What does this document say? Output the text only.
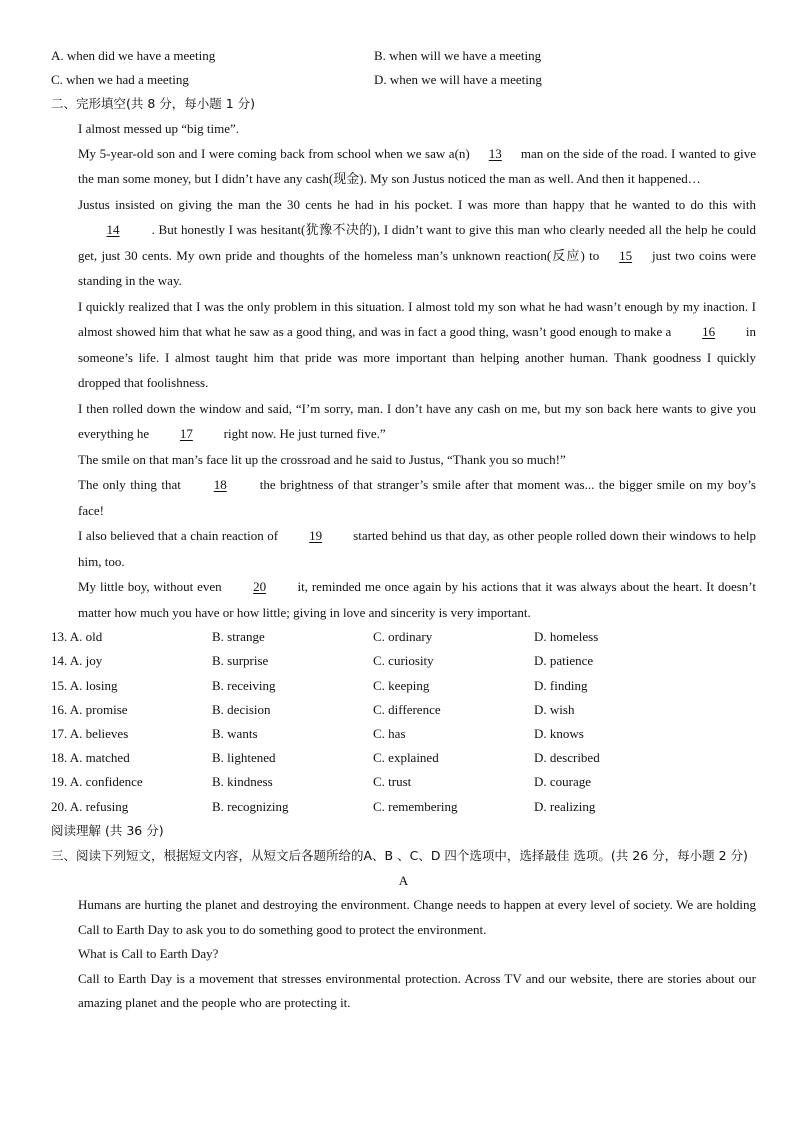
A. when did we have a meeting	B. when will we have a meeting
C. when we had a meeting	D. when we will have a meeting
二、完形填空(共 8 分，每小题 1 分)
I almost messed up “big time”.

My 5-year-old son and I were coming back from school when we saw a(n) 13 man on the side of the road. I wanted to give the man some money, but I didn’t have any cash(现金). My son Justus noticed the man as well. And then it happened…

Justus insisted on giving the man the 30 cents he had in his pocket. I was more than happy that he wanted to do this with 14 . But honestly I was hesitant(犹豫不决的), I didn’t want to give this man who clearly needed all the help he could get, just 30 cents. My own pride and thoughts of the homeless man’s unknown reaction(反应) to 15 just two coins were standing in the way.

I quickly realized that I was the only problem in this situation. I almost told my son what he had wasn’t enough by my inaction. I almost showed him that what he saw as a good thing, and was in fact a good thing, wasn’t good enough to make a 16 in someone’s life. I almost taught him that pride was more important than helping another human. Thank goodness I quickly dropped that foolishness.

I then rolled down the window and said, “I’m sorry, man. I don’t have any cash on me, but my son back here wants to give you everything he 17 right now. He just turned five.”

The smile on that man’s face lit up the crossroad and he said to Justus, “Thank you so much!”

The only thing that 18 the brightness of that stranger’s smile after that moment was... the bigger smile on my boy’s face!

I also believed that a chain reaction of 19 started behind us that day, as other people rolled down their windows to help him, too.

My little boy, without even 20 it, reminded me once again by his actions that it was always about the heart. It doesn’t matter how much you have or how little; giving in love and sincerity is very important.

13. A. old	B. strange	C. ordinary	D. homeless
14. A. joy	B. surprise	C. curiosity	D. patience
15. A. losing	B. receiving	C. keeping	D. finding
16. A. promise	B. decision	C. difference	D. wish
17. A. believes	B. wants	C. has	D. knows
18. A. matched	B. lightened	C. explained	D. described
19. A. confidence	B. kindness	C. trust	D. courage
20. A. refusing	B. recognizing	C. remembering	D. realizing
阅读理解 (共 36 分)
三、阅读下列短文，根据短文内容，从短文后各题所给的A、B 、C、D 四个选项中，选择最佳 选项。(共 26 分，每小题 2 分)
A

Humans are hurting the planet and destroying the environment. Change needs to happen at every level of society. We are holding Call to Earth Day to ask you to do something good to protect the environment.

What is Call to Earth Day?

Call to Earth Day is a movement that stresses environmental protection. Across TV and our website, there are stories about our amazing planet and the people who are protecting it.
